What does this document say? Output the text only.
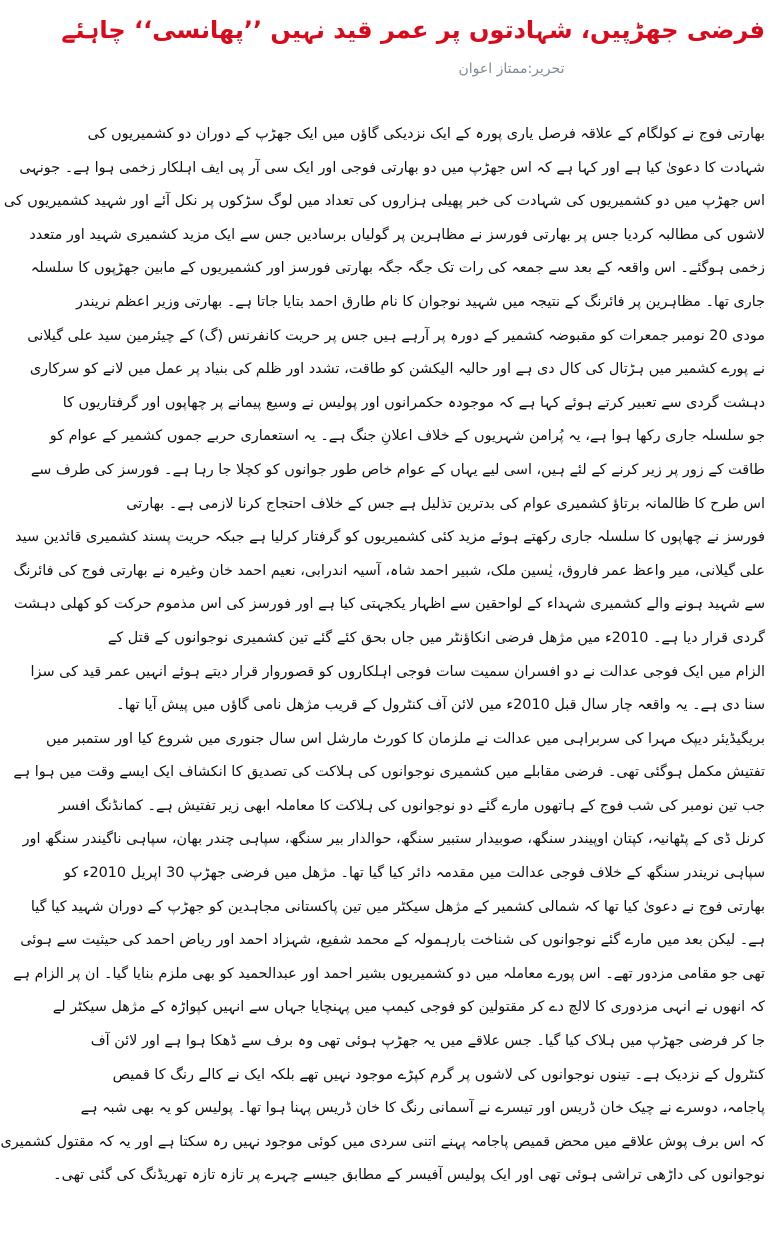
فرضی جھڑپیں، شہادتوں پر عمر قید نہیں ’’پھانسی‘‘ چاہئے
تحریر:ممتاز اعوان
بھارتی فوج نے کولگام کے علاقہ فرصل یاری پورہ کے ایک نزدیکی گاؤں میں ایک جھڑپ کے دوران دو کشمیریوں کی
شہادت کا دعویٰ کیا ہے اور کہا ہے کہ اس جھڑپ میں دو بھارتی فوجی اور ایک سی آر پی ایف اہلکار زخمی ہوا ہے۔ جونہی
اس جھڑپ میں دو کشمیریوں کی شہادت کی خبر پھیلی ہزاروں کی تعداد میں لوگ سڑکوں پر نکل آئے اور شہید کشمیریوں کی
لاشوں کی مطالبہ کردیا جس پر بھارتی فورسز نے مظاہرین پر گولیاں برسادیں جس سے ایک مزید کشمیری شہید اور متعدد
زخمی ہوگئے۔ اس واقعہ کے بعد سے جمعہ کی رات تک جگہ جگہ بھارتی فورسز اور کشمیریوں کے مابین جھڑپوں کا سلسلہ
جاری تھا۔ مظاہرین پر فائرنگ کے نتیجہ میں شہید نوجوان کا نام طارق احمد بتایا جاتا ہے۔ بھارتی وزیر اعظم نریندر
مودی 20 نومبر جمعرات کو مقبوضہ کشمیر کے دورہ پر آرہے ہیں جس پر حریت کانفرنس (گ) کے چیئرمین سید علی گیلانی
نے پورے کشمیر میں ہڑتال کی کال دی ہے اور حالیہ الیکشن کو طاقت، تشدد اور ظلم کی بنیاد پر عمل میں لانے کو سرکاری
دہشت گردی سے تعبیر کرتے ہوئے کہا ہے کہ موجودہ حکمرانوں اور پولیس نے وسیع پیمانے پر چھاپوں اور گرفتاریوں کا
جو سلسلہ جاری رکھا ہوا ہے، یہ پُرامن شہریوں کے خلاف اعلانِ جنگ ہے۔ یہ استعماری حربے جموں کشمیر کے عوام کو
طاقت کے زور پر زیر کرنے کے لئے ہیں، اسی لیے یہاں کے عوام خاص طور جوانوں کو کچلا جا رہا ہے۔ فورسز کی طرف سے
اس طرح کا ظالمانہ برتاؤ کشمیری عوام کی بدترین تذلیل ہے جس کے خلاف احتجاج کرنا لازمی ہے۔ بھارتی
فورسز نے چھاپوں کا سلسلہ جاری رکھتے ہوئے مزید کئی کشمیریوں کو گرفتار کرلیا ہے جبکہ حریت پسند کشمیری قائدین سید
علی گیلانی، میر واعظ عمر فاروق، یٰسین ملک، شبیر احمد شاہ، آسیہ اندرابی، نعیم احمد خان وغیرہ نے بھارتی فوج کی فائرنگ
سے شہید ہونے والے کشمیری شہداء کے لواحقین سے اظہار یکجہتی کیا ہے اور فورسز کی اس مذموم حرکت کو کھلی دہشت
گردی قرار دیا ہے۔ 2010ء میں مژھل فرضی انکاؤنٹر میں جاں بحق کئے گئے تین کشمیری نوجوانوں کے قتل کے
الزام میں ایک فوجی عدالت نے دو افسران سمیت سات فوجی اہلکاروں کو قصوروار قرار دیتے ہوئے انہیں عمر قید کی سزا
سنا دی ہے۔ یہ واقعہ چار سال قبل 2010ء میں لائن آف کنٹرول کے قریب مژھل نامی گاؤں میں پیش آیا تھا۔
بریگیڈیئر دیپک مہرا کی سربراہی میں عدالت نے ملزمان کا کورٹ مارشل اس سال جنوری میں شروع کیا اور ستمبر میں
تفتیش مکمل ہوگئی تھی۔ فرضی مقابلے میں کشمیری نوجوانوں کی ہلاکت کی تصدیق کا انکشاف ایک ایسے وقت میں ہوا ہے
جب تین نومبر کی شب فوج کے ہاتھوں مارے گئے دو نوجوانوں کی ہلاکت کا معاملہ ابھی زیر تفتیش ہے۔ کمانڈنگ افسر
کرنل ڈی کے پٹھانیہ، کپتان اوپیندر سنگھ، صوبیدار ستبیر سنگھ، حوالدار بیر سنگھ، سپاہی چندر بھان، سپاہی ناگیندر سنگھ اور
سپاہی نریندر سنگھ کے خلاف فوجی عدالت میں مقدمہ دائر کیا گیا تھا۔ مژھل میں فرضی جھڑپ 30 اپریل 2010ء کو
بھارتی فوج نے دعویٰ کیا تھا کہ شمالی کشمیر کے مژھل سیکٹر میں تین پاکستانی مجاہدین کو جھڑپ کے دوران شہید کیا گیا
ہے۔ لیکن بعد میں مارے گئے نوجوانوں کی شناخت بارہمولہ کے محمد شفیع، شہزاد احمد اور ریاض احمد کی حیثیت سے ہوئی
تھی جو مقامی مزدور تھے۔ اس پورے معاملہ میں دو کشمیریوں بشیر احمد اور عبدالحمید کو بھی ملزم بنایا گیا۔ ان پر الزام ہے
کہ انھوں نے انہی مزدوری کا لالچ دے کر مقتولین کو فوجی کیمپ میں پہنچایا جہاں سے انہیں کپواڑہ کے مژھل سیکٹر لے
جا کر فرضی جھڑپ میں ہلاک کیا گیا۔ جس علاقے میں یہ جھڑپ ہوئی تھی وہ برف سے ڈھکا ہوا ہے اور لائن آف
کنٹرول کے نزدیک ہے۔ تینوں نوجوانوں کی لاشوں پر گرم کپڑے موجود نہیں تھے بلکہ ایک نے کالے رنگ کا قمیص
پاجامہ، دوسرے نے چیک خان ڈریس اور تیسرے نے آسمانی رنگ کا خان ڈریس پہنا ہوا تھا۔ پولیس کو یہ بھی شبہ ہے
کہ اس برف پوش علاقے میں محض قمیص پاجامہ پہنے اتنی سردی میں کوئی موجود نہیں رہ سکتا ہے اور یہ کہ مقتول کشمیری
نوجوانوں کی داڑھی تراشی ہوئی تھی اور ایک پولیس آفیسر کے مطابق جیسے چہرے پر تازہ تازہ تھریڈنگ کی گئی تھی۔
